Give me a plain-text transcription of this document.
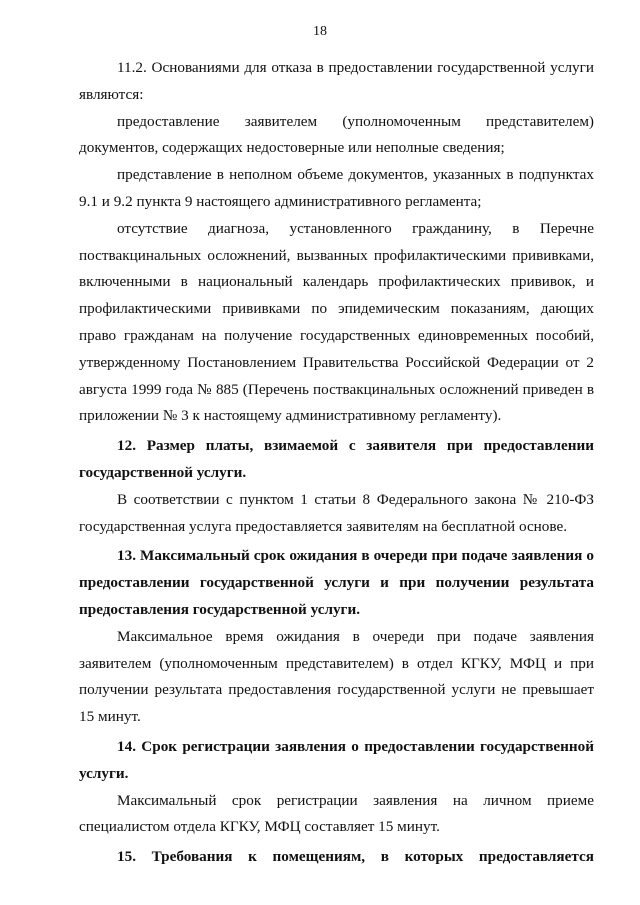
18

11.2. Основаниями для отказа в предоставлении государственной услуги являются:

предоставление заявителем (уполномоченным представителем) документов, содержащих недостоверные или неполные сведения;

представление в неполном объеме документов, указанных в подпунктах 9.1 и 9.2 пункта 9 настоящего административного регламента;

отсутствие диагноза, установленного гражданину, в Перечне поствакцинальных осложнений, вызванных профилактическими прививками, включенными в национальный календарь профилактических прививок, и профилактическими прививками по эпидемическим показаниям, дающих право гражданам на получение государственных единовременных пособий, утвержденному Постановлением Правительства Российской Федерации от 2 августа 1999 года № 885 (Перечень поствакцинальных осложнений приведен в приложении № 3 к настоящему административному регламенту).

12. Размер платы, взимаемой с заявителя при предоставлении государственной услуги.

В соответствии с пунктом 1 статьи 8 Федерального закона № 210-ФЗ государственная услуга предоставляется заявителям на бесплатной основе.

13. Максимальный срок ожидания в очереди при подаче заявления о предоставлении государственной услуги и при получении результата предоставления государственной услуги.

Максимальное время ожидания в очереди при подаче заявления заявителем (уполномоченным представителем) в отдел КГКУ, МФЦ и при получении результата предоставления государственной услуги не превышает 15 минут.

14. Срок регистрации заявления о предоставлении государственной услуги.

Максимальный срок регистрации заявления на личном приеме специалистом отдела КГКУ, МФЦ составляет 15 минут.

15. Требования к помещениям, в которых предоставляется
